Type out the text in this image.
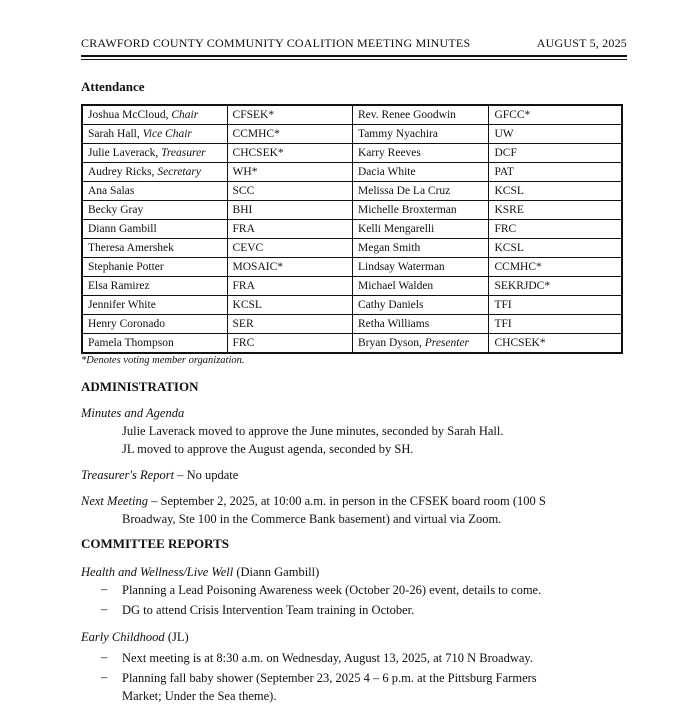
CRAWFORD COUNTY COMMUNITY COALITION MEETING MINUTES	AUGUST 5, 2025
Attendance
Joshua McCloud, Chair	CFSEK*	Rev. Renee Goodwin	GFCC*
Sarah Hall, Vice Chair	CCMHC*	Tammy Nyachira	UW
Julie Laverack, Treasurer	CHCSEK*	Karry Reeves	DCF
Audrey Ricks, Secretary	WH*	Dacia White	PAT
Ana Salas	SCC	Melissa De La Cruz	KCSL
Becky Gray	BHI	Michelle Broxterman	KSRE
Diann Gambill	FRA	Kelli Mengarelli	FRC
Theresa Amershek	CEVC	Megan Smith	KCSL
Stephanie Potter	MOSAIC*	Lindsay Waterman	CCMHC*
Elsa Ramirez	FRA	Michael Walden	SEKRJDC*
Jennifer White	KCSL	Cathy Daniels	TFI
Henry Coronado	SER	Retha Williams	TFI
Pamela Thompson	FRC	Bryan Dyson, Presenter	CHCSEK*
*Denotes voting member organization.
ADMINISTRATION
Minutes and Agenda
Julie Laverack moved to approve the June minutes, seconded by Sarah Hall.
JL moved to approve the August agenda, seconded by SH.
Treasurer's Report – No update
Next Meeting – September 2, 2025, at 10:00 a.m. in person in the CFSEK board room (100 S
Broadway, Ste 100 in the Commerce Bank basement) and virtual via Zoom.
COMMITTEE REPORTS
Health and Wellness/Live Well (Diann Gambill)
– Planning a Lead Poisoning Awareness week (October 20-26) event, details to come.
– DG to attend Crisis Intervention Team training in October.
Early Childhood (JL)
– Next meeting is at 8:30 a.m. on Wednesday, August 13, 2025, at 710 N Broadway.
– Planning fall baby shower (September 23, 2025 4 – 6 p.m. at the Pittsburg Farmers
Market; Under the Sea theme).
